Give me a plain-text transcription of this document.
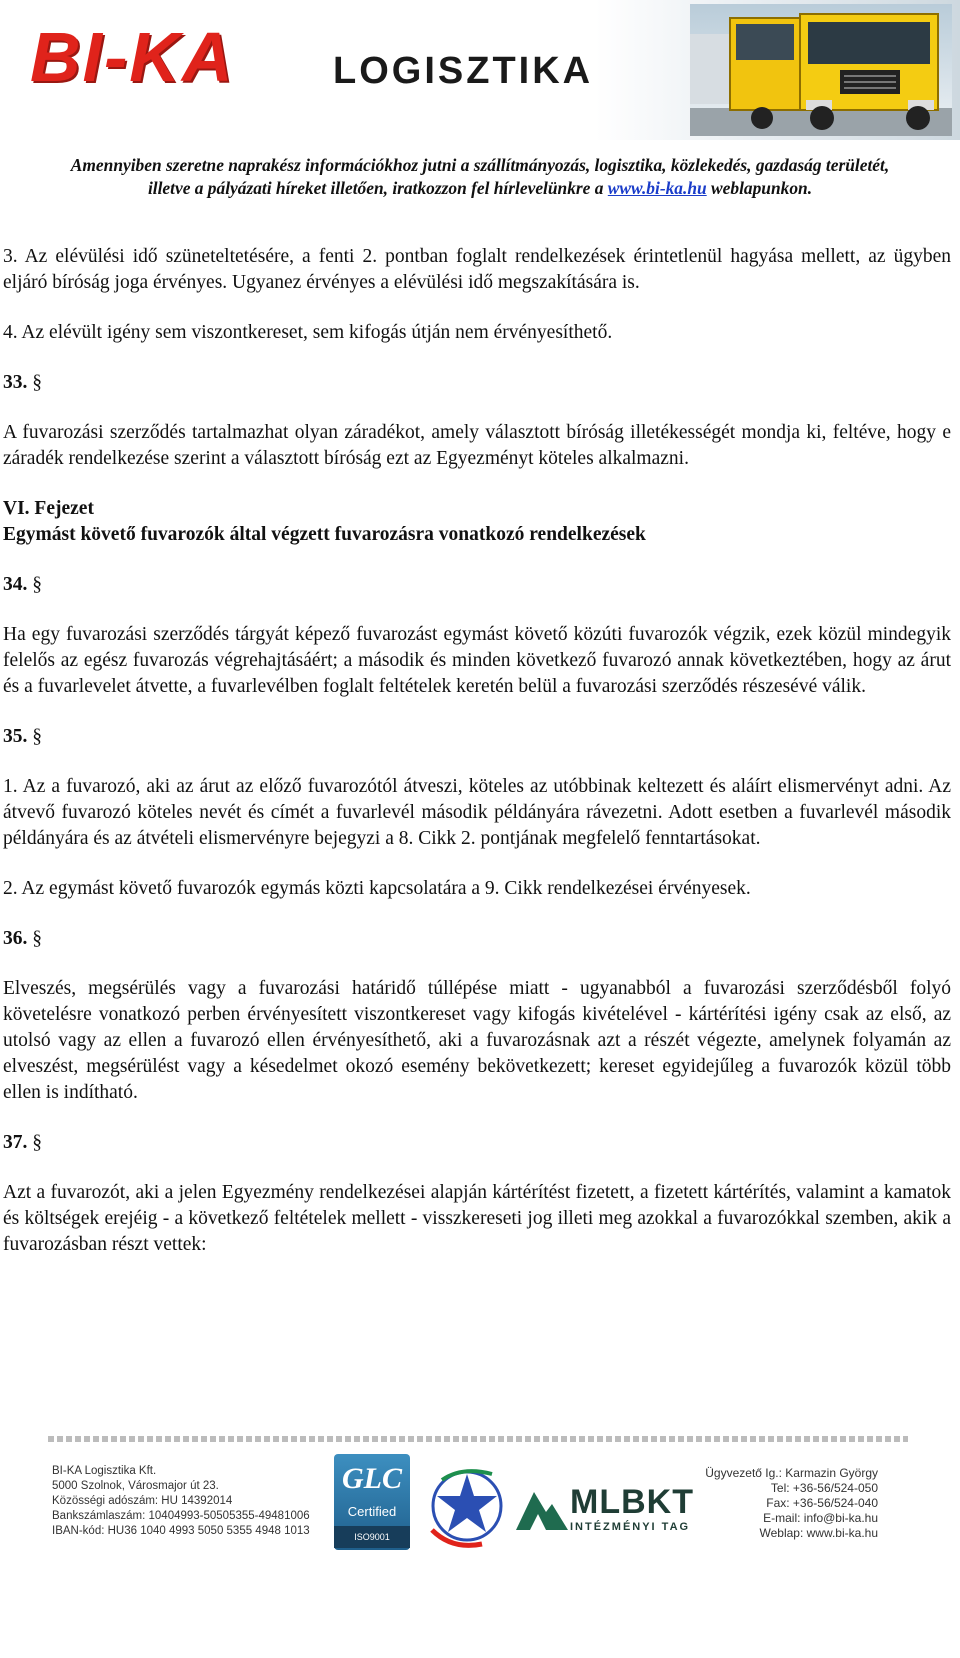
BI-KA	LOGISZTIKA
Amennyiben szeretne naprakész információkhoz jutni a szállítmányozás, logisztika, közlekedés, gazdaság területét,
illetve a pályázati híreket illetően, iratkozzon fel hírlevelünkre a www.bi-ka.hu weblapunkon.

3. Az elévülési idő szüneteltetésére, a fenti 2. pontban foglalt rendelkezések érintetlenül hagyása mellett, az ügyben eljáró bíróság joga érvényes. Ugyanez érvényes a elévülési idő megszakítására is.

4. Az elévült igény sem viszontkereset, sem kifogás útján nem érvényesíthető.

33. §

A fuvarozási szerződés tartalmazhat olyan záradékot, amely választott bíróság illetékességét mondja ki, feltéve, hogy e záradék rendelkezése szerint a választott bíróság ezt az Egyezményt köteles alkalmazni.

VI. Fejezet

Egymást követő fuvarozók által végzett fuvarozásra vonatkozó rendelkezések

34. §

Ha egy fuvarozási szerződés tárgyát képező fuvarozást egymást követő közúti fuvarozók végzik, ezek közül mindegyik felelős az egész fuvarozás végrehajtásáért; a második és minden következő fuvarozó annak következtében, hogy az árut és a fuvarlevelet átvette, a fuvarlevélben foglalt feltételek keretén belül a fuvarozási szerződés részesévé válik.

35. §

1. Az a fuvarozó, aki az árut az előző fuvarozótól átveszi, köteles az utóbbinak keltezett és aláírt elismervényt adni. Az átvevő fuvarozó köteles nevét és címét a fuvarlevél második példányára rávezetni. Adott esetben a fuvarlevél második példányára és az átvételi elismervényre bejegyzi a 8. Cikk 2. pontjának megfelelő fenntartásokat.

2. Az egymást követő fuvarozók egymás közti kapcsolatára a 9. Cikk rendelkezései érvényesek.

36. §

Elveszés, megsérülés vagy a fuvarozási határidő túllépése miatt - ugyanabból a fuvarozási szerződésből folyó követelésre vonatkozó perben érvényesített viszontkereset vagy kifogás kivételével - kártérítési igény csak az első, az utolsó vagy az ellen a fuvarozó ellen érvényesíthető, aki a fuvarozásnak azt a részét végezte, amelynek folyamán az elveszést, megsérülést vagy a késedelmet okozó esemény bekövetkezett; kereset egyidejűleg a fuvarozók közül több ellen is indítható.

37. §

Azt a fuvarozót, aki a jelen Egyezmény rendelkezései alapján kártérítést fizetett, a fizetett kártérítés, valamint a kamatok és költségek erejéig - a következő feltételek mellett - visszkereseti jog illeti meg azokkal a fuvarozókkal szemben, akik a fuvarozásban részt vettek:

BI-KA Logisztika Kft.
5000 Szolnok, Városmajor út 23.
Közösségi adószám: HU 14392014
Bankszámlaszám: 10404993-50505355-49481006
IBAN-kód: HU36 1040 4993 5050 5355 4948 1013
GLC
Certified
ISO9001
MLBKT
INTÉZMÉNYI TAG
Ügyvezető Ig.: Karmazin György
Tel: +36-56/524-050
Fax: +36-56/524-040
E-mail: info@bi-ka.hu
Weblap: www.bi-ka.hu
